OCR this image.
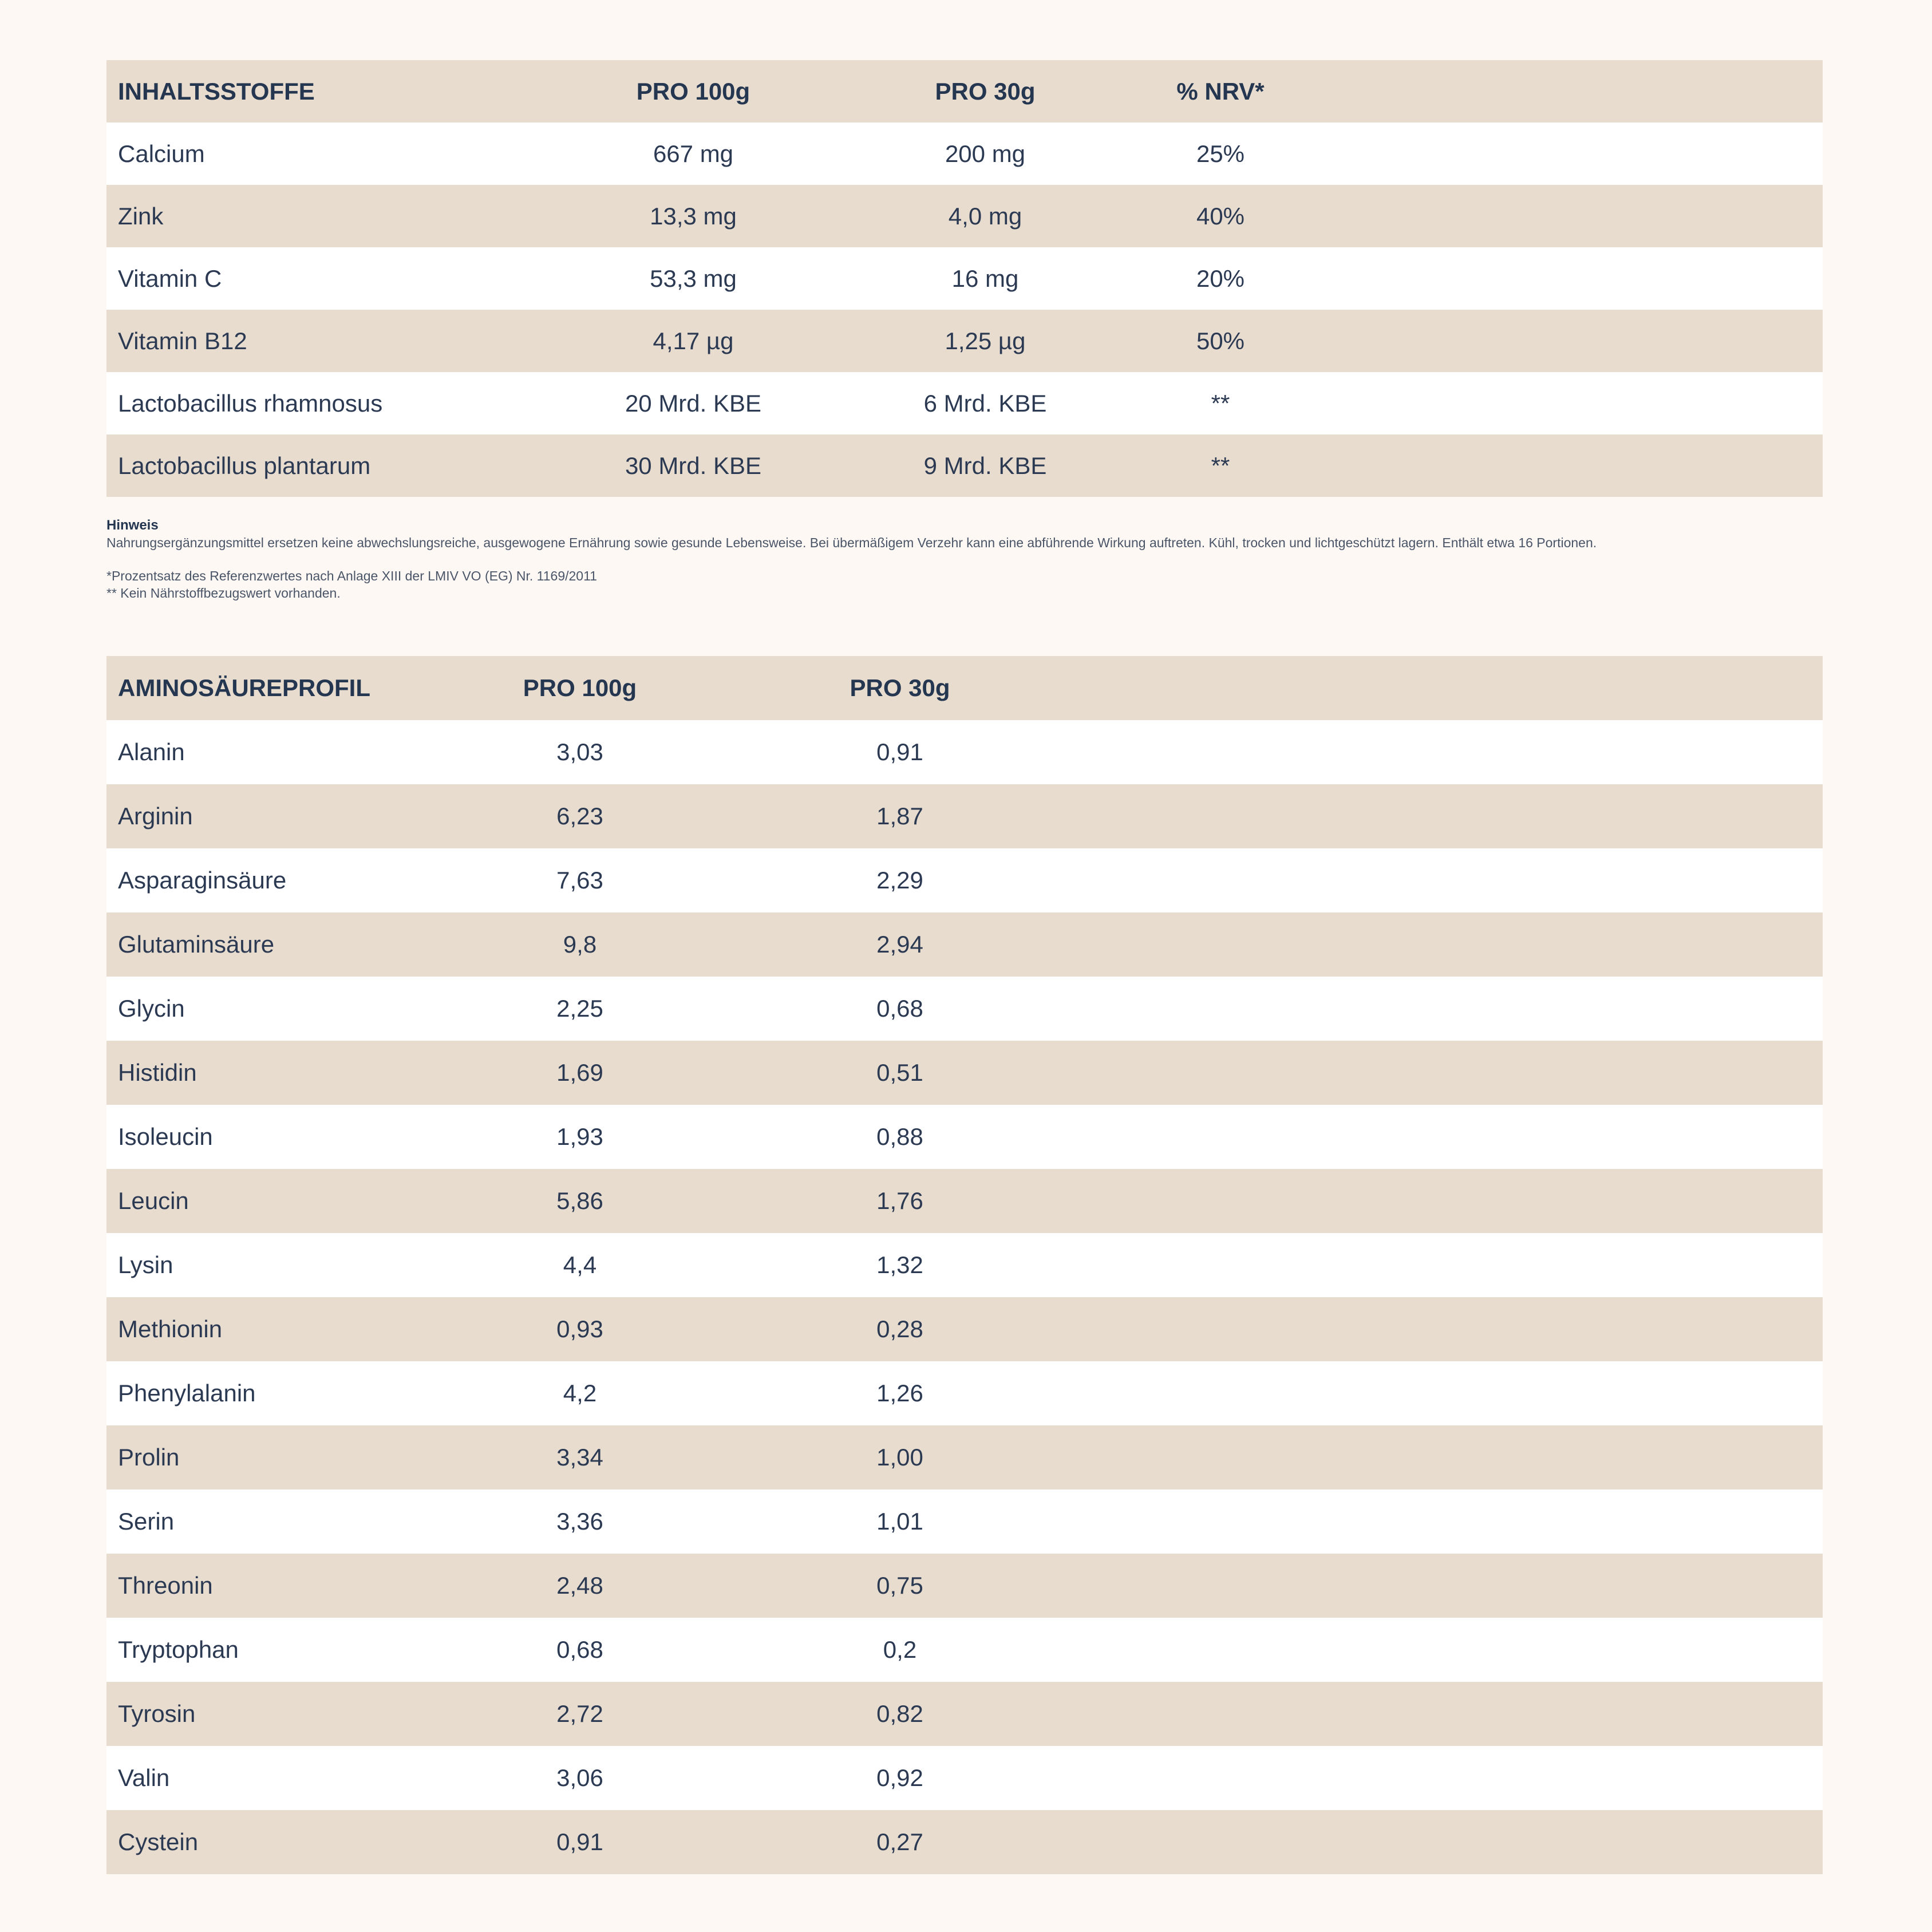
INHALTSSTOFFE	PRO 100g	PRO 30g	% NRV*
Calcium	667 mg	200 mg	25%
Zink	13,3 mg	4,0 mg	40%
Vitamin C	53,3 mg	16 mg	20%
Vitamin B12	4,17 µg	1,25 µg	50%
Lactobacillus rhamnosus	20 Mrd. KBE	6 Mrd. KBE	**
Lactobacillus plantarum	30 Mrd. KBE	9 Mrd. KBE	**
Hinweis

Nahrungsergänzungsmittel ersetzen keine abwechslungsreiche, ausgewogene Ernährung sowie gesunde Lebensweise. Bei übermäßigem Verzehr kann eine abführende Wirkung auftreten. Kühl, trocken und lichtgeschützt lagern. Enthält etwa 16 Portionen.

*Prozentsatz des Referenzwertes nach Anlage XIII der LMIV VO (EG) Nr. 1169/2011

** Kein Nährstoffbezugswert vorhanden.

AMINOSÄUREPROFIL	PRO 100g	PRO 30g
Alanin	3,03	0,91
Arginin	6,23	1,87
Asparaginsäure	7,63	2,29
Glutaminsäure	9,8	2,94
Glycin	2,25	0,68
Histidin	1,69	0,51
Isoleucin	1,93	0,88
Leucin	5,86	1,76
Lysin	4,4	1,32
Methionin	0,93	0,28
Phenylalanin	4,2	1,26
Prolin	3,34	1,00
Serin	3,36	1,01
Threonin	2,48	0,75
Tryptophan	0,68	0,2
Tyrosin	2,72	0,82
Valin	3,06	0,92
Cystein	0,91	0,27
